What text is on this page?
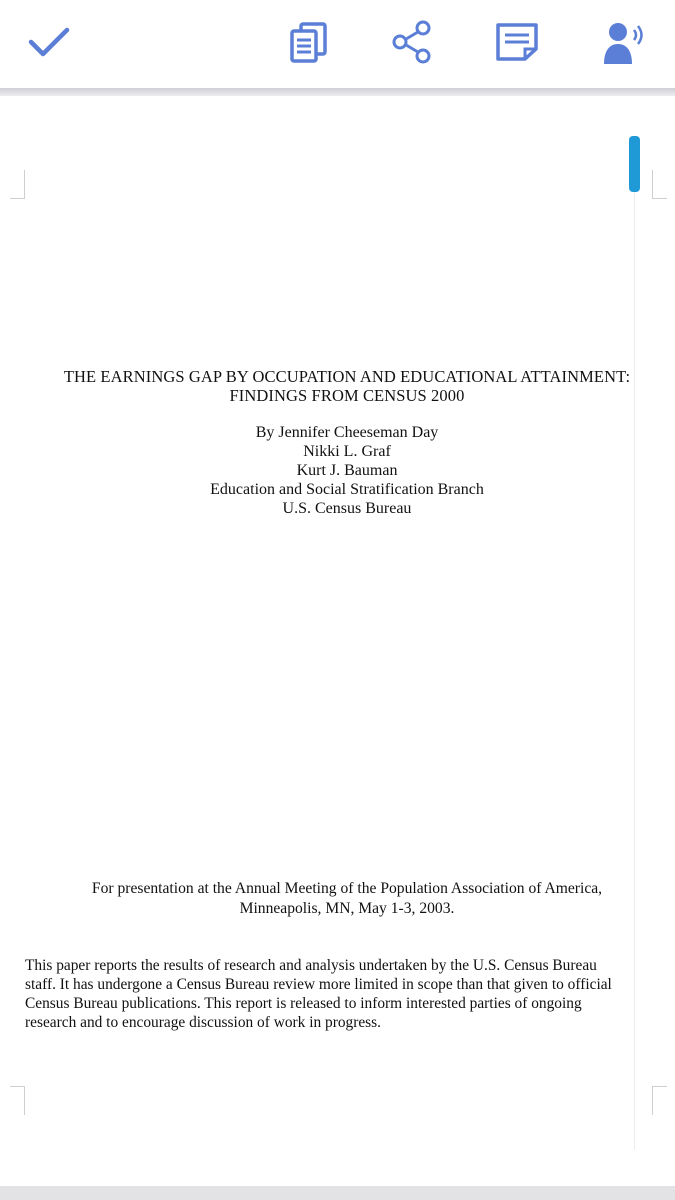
THE EARNINGS GAP BY OCCUPATION AND EDUCATIONAL ATTAINMENT:
FINDINGS FROM CENSUS 2000
By Jennifer Cheeseman Day
Nikki L. Graf
Kurt J. Bauman
Education and Social Stratification Branch
U.S. Census Bureau
For presentation at the Annual Meeting of the Population Association of America,
Minneapolis, MN, May 1-3, 2003.
This paper reports the results of research and analysis undertaken by the U.S. Census Bureau
staff. It has undergone a Census Bureau review more limited in scope than that given to official
Census Bureau publications. This report is released to inform interested parties of ongoing
research and to encourage discussion of work in progress.
